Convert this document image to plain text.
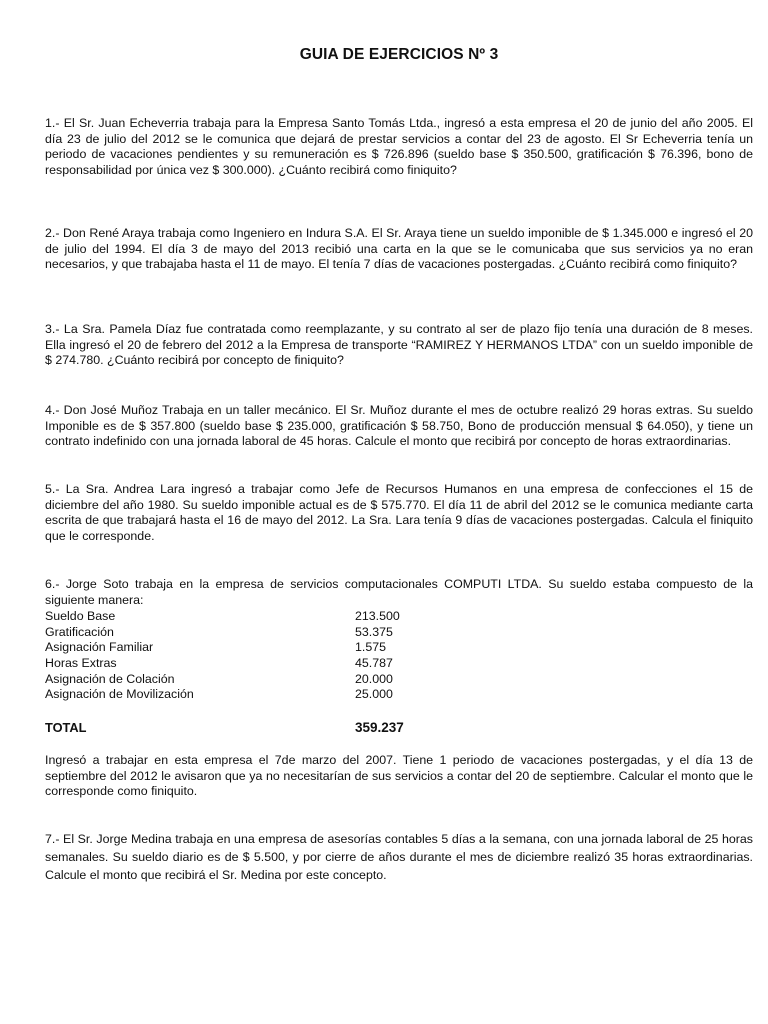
GUIA DE EJERCICIOS Nº 3
1.- El Sr. Juan Echeverria trabaja para la Empresa Santo Tomás Ltda., ingresó a esta empresa el 20 de junio del año 2005. El día 23 de julio del 2012 se le comunica que dejará de prestar servicios a contar del 23 de agosto. El Sr Echeverria tenía un periodo de vacaciones pendientes y su remuneración es $ 726.896 (sueldo base $ 350.500, gratificación $ 76.396, bono de responsabilidad por única vez $ 300.000). ¿Cuánto recibirá como finiquito?
2.- Don René Araya trabaja como Ingeniero en Indura S.A. El Sr. Araya tiene un sueldo imponible de $ 1.345.000 e ingresó el 20 de julio del 1994. El día 3 de mayo del 2013 recibió una carta en la que se le comunicaba que sus servicios ya no eran necesarios, y que trabajaba hasta el 11 de mayo. El tenía 7 días de vacaciones postergadas. ¿Cuánto recibirá como finiquito?
3.- La Sra. Pamela Díaz fue contratada como reemplazante, y su contrato al ser de plazo fijo tenía una duración de 8 meses. Ella ingresó el 20 de febrero del 2012 a la Empresa de transporte “RAMIREZ Y HERMANOS LTDA” con un sueldo imponible de $ 274.780. ¿Cuánto recibirá por concepto de finiquito?
4.- Don José Muñoz Trabaja en un taller mecánico. El Sr. Muñoz durante el mes de octubre realizó 29 horas extras. Su sueldo Imponible es de $ 357.800 (sueldo base $ 235.000, gratificación $ 58.750, Bono de producción mensual $ 64.050), y tiene un contrato indefinido con una jornada laboral de 45 horas. Calcule el monto que recibirá por concepto de horas extraordinarias.
5.- La Sra. Andrea Lara ingresó a trabajar como Jefe de Recursos Humanos en una empresa de confecciones el 15 de diciembre del año 1980. Su sueldo imponible actual es de $ 575.770. El día 11 de abril del 2012 se le comunica mediante carta escrita de que trabajará hasta el 16 de mayo del 2012. La Sra. Lara tenía 9 días de vacaciones postergadas. Calcula el finiquito que le corresponde.
6.- Jorge Soto trabaja en la empresa de servicios computacionales COMPUTI LTDA. Su sueldo estaba compuesto de la siguiente manera:
Sueldo Base	213.500
Gratificación	53.375
Asignación Familiar	1.575
Horas Extras	45.787
Asignación de Colación	20.000
Asignación de Movilización	25.000
TOTAL	359.237
Ingresó a trabajar en esta empresa el 7de marzo del 2007. Tiene 1 periodo de vacaciones postergadas, y el día 13 de septiembre del 2012 le avisaron que ya no necesitarían de sus servicios a contar del 20 de septiembre. Calcular el monto que le corresponde como finiquito.
7.- El Sr. Jorge Medina trabaja en una empresa de asesorías contables 5 días a la semana, con una jornada laboral de 25 horas semanales. Su sueldo diario es de $ 5.500, y por cierre de años durante el mes de diciembre realizó 35 horas extraordinarias. Calcule el monto que recibirá el Sr. Medina por este concepto.
